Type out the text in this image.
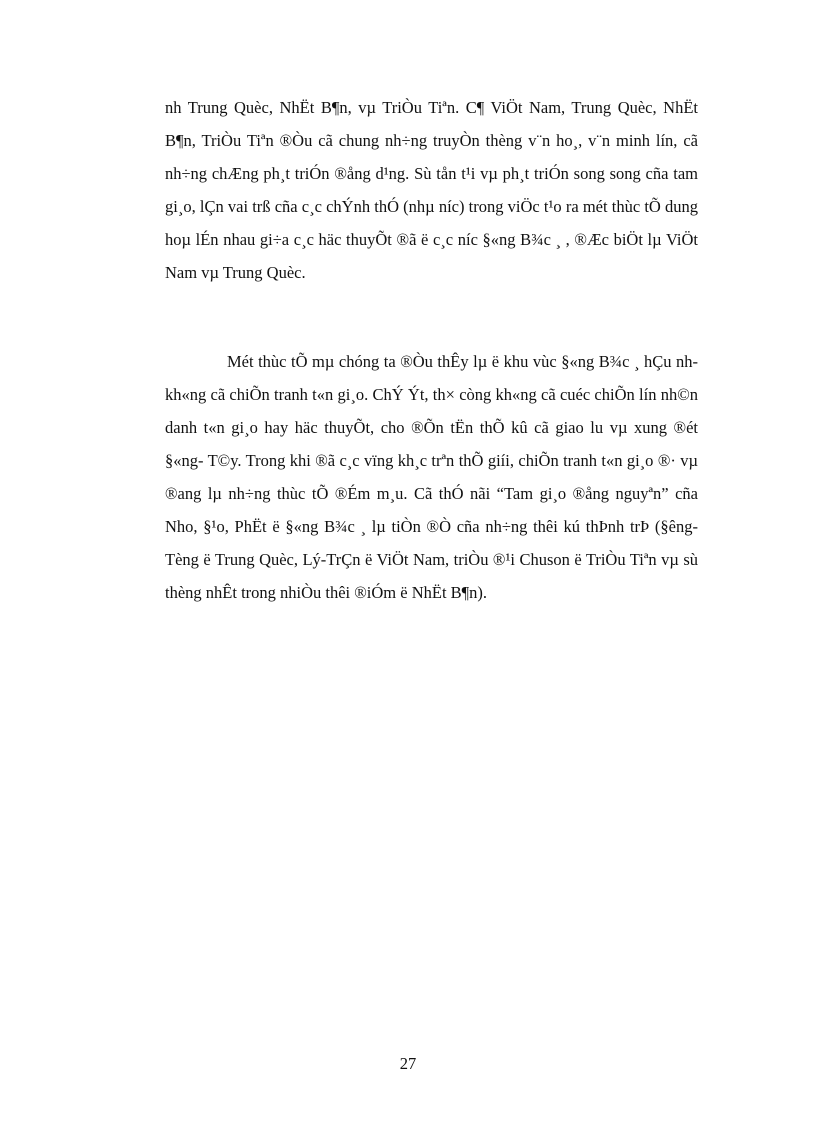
nh Trung Quèc, NhËt B¶n, vµ TriÒu Tiªn. C¶ ViÖt Nam, Trung Quèc, NhËt B¶n, TriÒu Tiªn ®Òu cã chung nh÷ng truyÒn thèng v¨n ho¸, v¨n minh lín, cã nh÷ng chÆng ph¸t triÓn ®ång d¹ng. Sù tån t¹i vµ ph¸t triÓn song song cña tam gi¸o, lÇn vai trß cña c¸c chÝnh thÓ (nhµ níc) trong viÖc t¹o ra mét thùc tÕ dung hoµ lÉn nhau gi÷a c¸c häc thuyÕt ®ã ë c¸c níc §«ng B¾c ¸ , ®Æc biÖt lµ ViÖt Nam vµ Trung Quèc.

Mét thùc tÕ mµ chóng ta ®Òu thÊy lµ ë khu vùc §«ng B¾c ¸ hÇu nh kh«ng cã chiÕn tranh t«n gi¸o. ChÝ Ýt, th× còng kh«ng cã cuéc chiÕn lín nh©n danh t«n gi¸o hay häc thuyÕt, cho ®Õn tËn thÕ kû cã giao lu vµ xung ®ét §«ng- T©y. Trong khi ®ã c¸c vïng kh¸c trªn thÕ giíi, chiÕn tranh t«n gi¸o ®· vµ ®ang lµ nh÷ng thùc tÕ ®Ém m¸u. Cã thÓ nãi “Tam gi¸o ®ång nguyªn” cña Nho, §¹o, PhËt ë §«ng B¾c ¸ lµ tiÒn ®Ò cña nh÷ng thêi kú thÞnh trÞ (§êng- Tèng ë Trung Quèc, Lý-TrÇn ë ViÖt Nam, triÒu ®¹i Chuson ë TriÒu Tiªn vµ sù thèng nhÊt trong nhiÒu thêi ®iÓm ë NhËt B¶n).

27
